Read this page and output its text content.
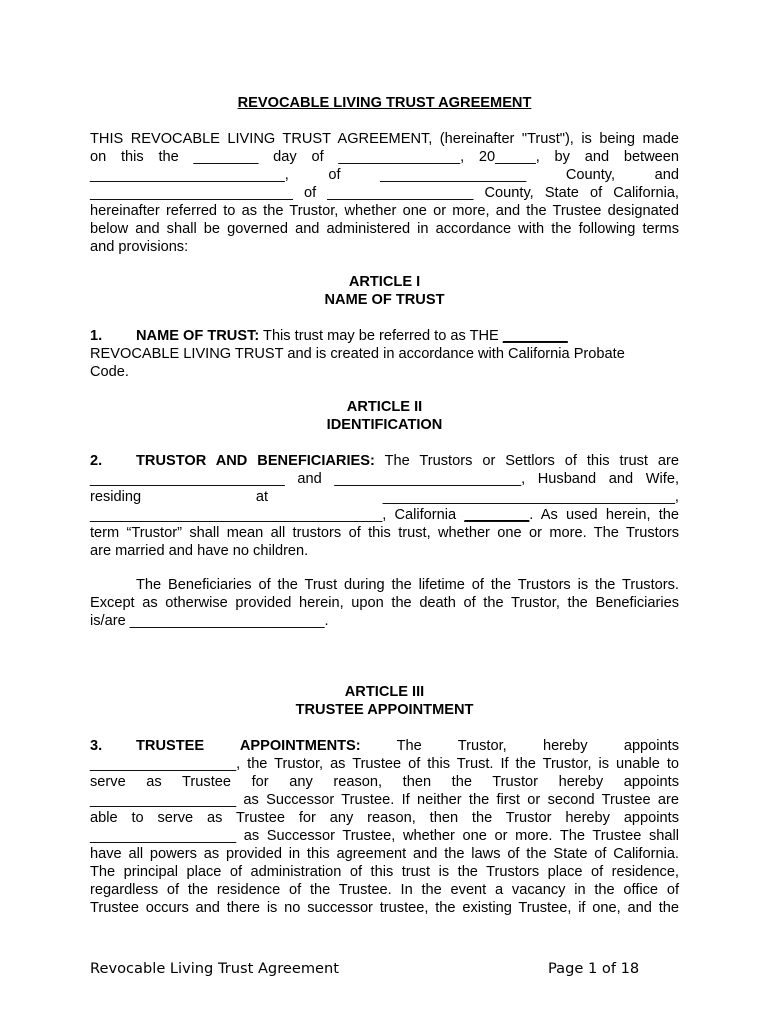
REVOCABLE LIVING TRUST AGREEMENT
THIS REVOCABLE LIVING TRUST AGREEMENT, (hereinafter "Trust"), is being made
on this the ________ day of _______________, 20_____, by and between
________________________, of __________________ County, and
_________________________ of __________________ County, State of California,
hereinafter referred to as the Trustor, whether one or more, and the Trustee designated
below and shall be governed and administered in accordance with the following terms
and provisions:
ARTICLE I
NAME OF TRUST
1. NAME OF TRUST: This trust may be referred to as THE ________
REVOCABLE LIVING TRUST and is created in accordance with California Probate
Code.
ARTICLE II
IDENTIFICATION
2. TRUSTOR AND BENEFICIARIES: The Trustors or Settlors of this trust are
________________________ and _______________________, Husband and Wife,
residing at ____________________________________,
____________________________________, California ________. As used herein, the
term “Trustor” shall mean all trustors of this trust, whether one or more. The Trustors
are married and have no children.
The Beneficiaries of the Trust during the lifetime of the Trustors is the Trustors.
Except as otherwise provided herein, upon the death of the Trustor, the Beneficiaries
is/are ________________________.
ARTICLE III
TRUSTEE APPOINTMENT
3. TRUSTEE APPOINTMENTS: The Trustor, hereby appoints
__________________, the Trustor, as Trustee of this Trust. If the Trustor, is unable to
serve as Trustee for any reason, then the Trustor hereby appoints
__________________ as Successor Trustee. If neither the first or second Trustee are
able to serve as Trustee for any reason, then the Trustor hereby appoints
__________________ as Successor Trustee, whether one or more. The Trustee shall
have all powers as provided in this agreement and the laws of the State of California.
The principal place of administration of this trust is the Trustors place of residence,
regardless of the residence of the Trustee. In the event a vacancy in the office of
Trustee occurs and there is no successor trustee, the existing Trustee, if one, and the
Revocable Living Trust Agreement	Page 1 of 18
